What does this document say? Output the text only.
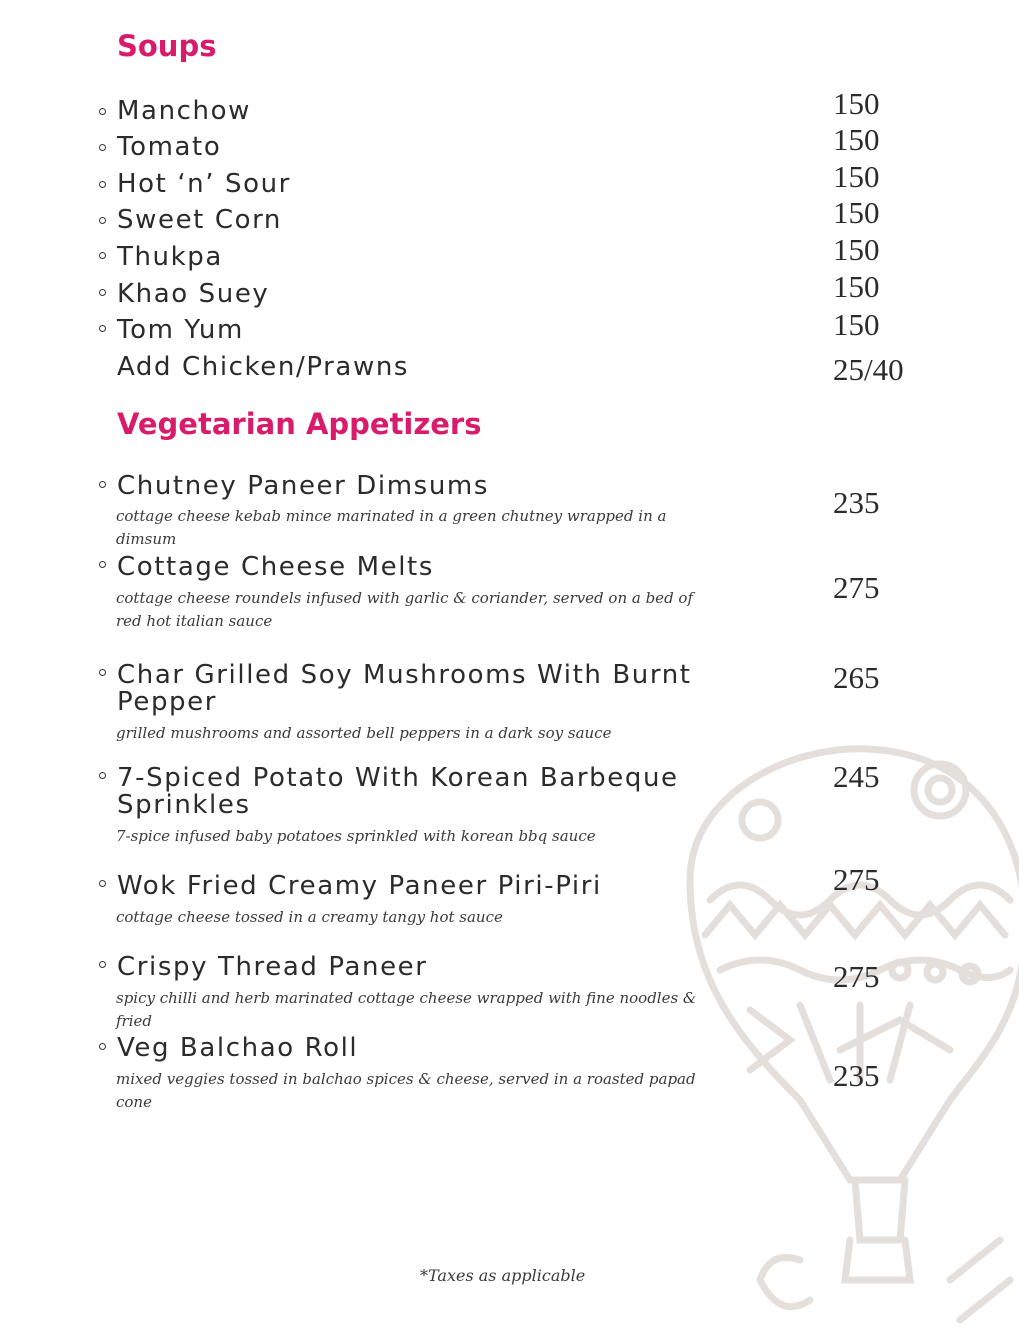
Soups
Manchow	150
Tomato	150
Hot ‘n’ Sour	150
Sweet Corn	150
Thukpa	150
Khao Suey	150
Tom Yum	150
Add Chicken/Prawns	25/40
Vegetarian Appetizers
Chutney Paneer Dimsums
cottage cheese kebab mince marinated in a green chutney wrapped in a dimsum
235
Cottage Cheese Melts
cottage cheese roundels infused with garlic & coriander, served on a bed of red hot italian sauce
275
Char Grilled Soy Mushrooms With Burnt Pepper
grilled mushrooms and assorted bell peppers in a dark soy sauce
265
7-Spiced Potato With Korean Barbeque Sprinkles
7-spice infused baby potatoes sprinkled with korean bbq sauce
245
Wok Fried Creamy Paneer Piri-Piri
cottage cheese tossed in a creamy tangy hot sauce
275
Crispy Thread Paneer
spicy chilli and herb marinated cottage cheese wrapped with fine noodles & fried
275
Veg Balchao Roll
mixed veggies tossed in balchao spices & cheese, served in a roasted papad cone
235
*Taxes as applicable
